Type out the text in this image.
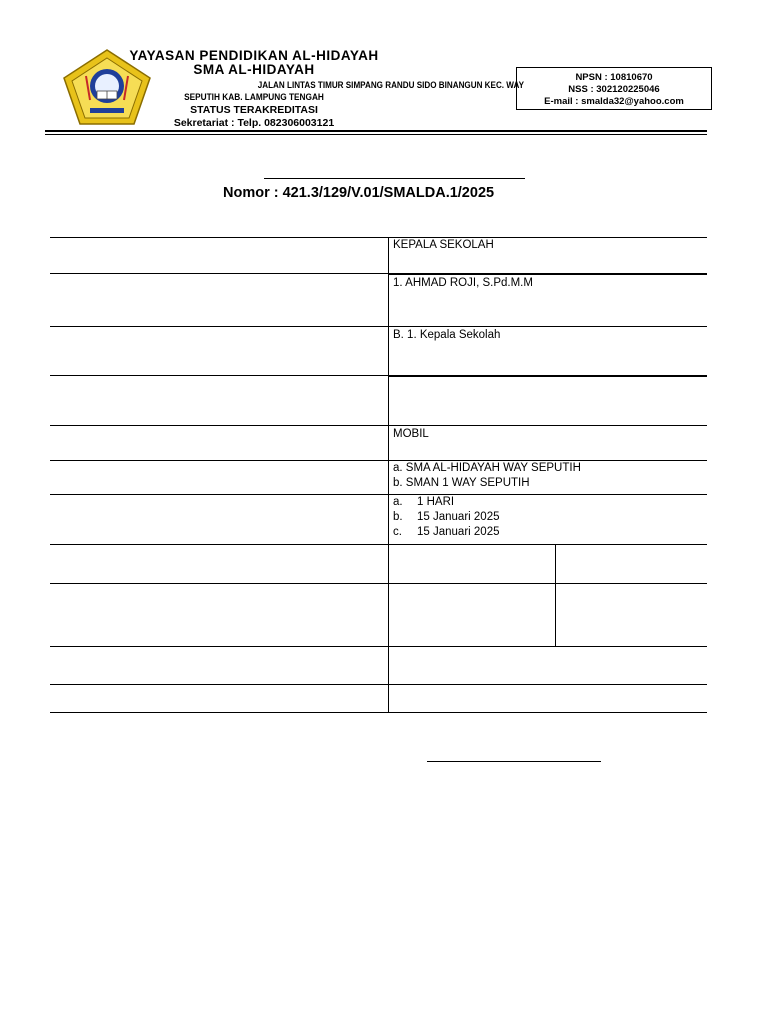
YAYASAN PENDIDIKAN AL-HIDAYAH
SMA AL-HIDAYAH
JALAN LINTAS TIMUR SIMPANG RANDU SIDO BINANGUN KEC. WAY
SEPUTIH KAB. LAMPUNG TENGAH
STATUS TERAKREDITASI
Sekretariat : Telp. 082306003121
NPSN : 10810670
NSS : 302120225046
E-mail : smalda32@yahoo.com
Nomor : 421.3/129/V.01/SMALDA.1/2025
KEPALA SEKOLAH
1. AHMAD ROJI, S.Pd.M.M
B. 1. Kepala Sekolah
MOBIL
a. SMA AL-HIDAYAH WAY SEPUTIH
b. SMAN 1 WAY SEPUTIH
a. 1 HARI
b. 15 Januari 2025
c. 15 Januari 2025
